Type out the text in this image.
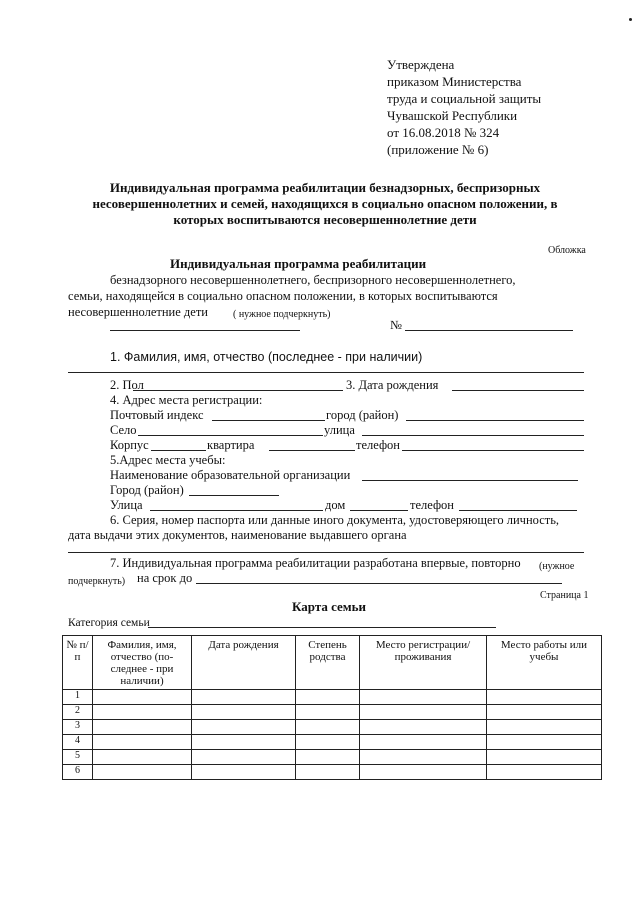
Утверждена
приказом Министерства
труда и социальной защиты
Чувашской Республики
от 16.08.2018 № 324
(приложение № 6)
Индивидуальная программа реабилитации безнадзорных, беспризорных
несовершеннолетних и семей, находящихся в социально опасном положении, в
которых воспитываются несовершеннолетние дети
Обложка
Индивидуальная программа реабилитации
безнадзорного несовершеннолетнего, беспризорного несовершеннолетнего,
семьи, находящейся в социально опасном положении, в которых воспитываются
несовершеннолетние дети	( нужное подчеркнуть)
№
1. Фамилия, имя, отчество (последнее - при наличии)
2. Пол	3. Дата рождения
4. Адрес места регистрации:
Почтовый индекс	город (район)
Село	улица
Корпус	квартира	телефон
5.Адрес места учебы:
Наименование образовательной организации
Город (район)
Улица	дом	телефон
6. Серия, номер паспорта или данные иного документа, удостоверяющего личность,
дата выдачи этих документов, наименование выдавшего органа
7. Индивидуальная программа реабилитации разработана впервые, повторно (нужное
подчеркнуть) на срок до
Страница 1
Карта семьи
Категория семьи
№ п/п	Фамилия, имя, отчество (по-следнее - при наличии)	Дата рождения	Степень родства	Место регистрации/ проживания	Место работы или учебы
1					
2					
3					
4					
5					
6					
